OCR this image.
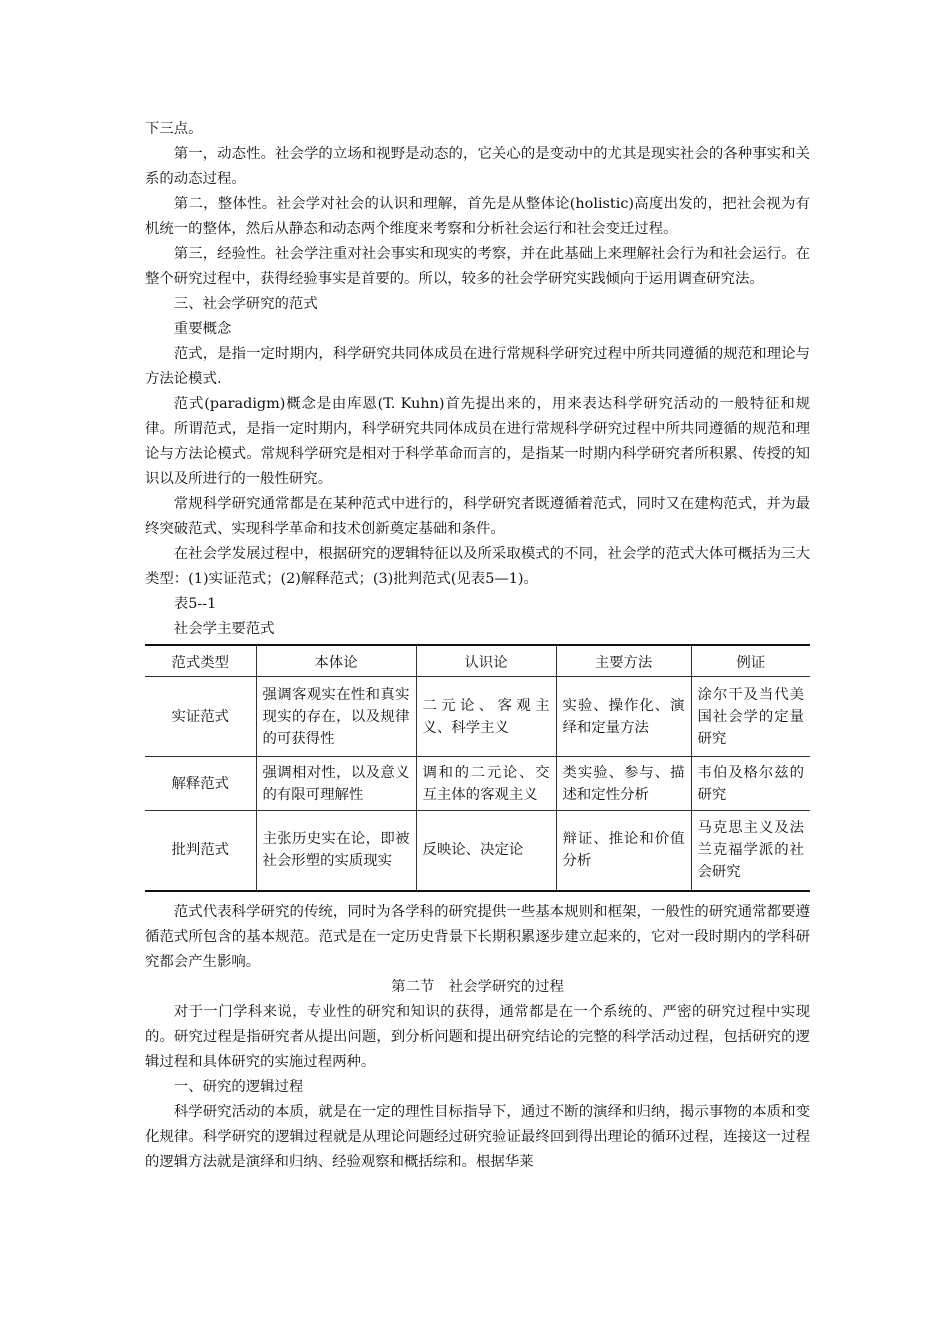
下三点。

第一，动态性。社会学的立场和视野是动态的，它关心的是变动中的尤其是现实社会的各种事实和关系的动态过程。

第二，整体性。社会学对社会的认识和理解，首先是从整体论(holistic)高度出发的，把社会视为有机统一的整体，然后从静态和动态两个维度来考察和分析社会运行和社会变迁过程。

第三，经验性。社会学注重对社会事实和现实的考察，并在此基础上来理解社会行为和社会运行。在整个研究过程中，获得经验事实是首要的。所以，较多的社会学研究实践倾向于运用调查研究法。

三、社会学研究的范式

重要概念

范式，是指一定时期内，科学研究共同体成员在进行常规科学研究过程中所共同遵循的规范和理论与方法论模式.

范式(paradigm)概念是由库恩(T. Kuhn)首先提出来的，用来表达科学研究活动的一般特征和规律。所谓范式，是指一定时期内，科学研究共同体成员在进行常规科学研究过程中所共同遵循的规范和理论与方法论模式。常规科学研究是相对于科学革命而言的，是指某一时期内科学研究者所积累、传授的知识以及所进行的一般性研究。

常规科学研究通常都是在某种范式中进行的，科学研究者既遵循着范式，同时又在建构范式，并为最终突破范式、实现科学革命和技术创新奠定基础和条件。

在社会学发展过程中，根据研究的逻辑特征以及所采取模式的不同，社会学的范式大体可概括为三大类型：(1)实证范式；(2)解释范式；(3)批判范式(见表5—1)。

表5--1

社会学主要范式

范式类型	本体论	认识论	主要方法	例证
实证范式	强调客观实在性和真实现实的存在，以及规律的可获得性	二元论、客观主义、科学主义	实验、操作化、演绎和定量方法	涂尔干及当代美国社会学的定量研究
解释范式	强调相对性，以及意义的有限可理解性	调和的二元论、交互主体的客观主义	类实验、参与、描述和定性分析	韦伯及格尔兹的研究
批判范式	主张历史实在论，即被社会形塑的实质现实	反映论、决定论	辩证、推论和价值分析	马克思主义及法兰克福学派的社会研究

范式代表科学研究的传统，同时为各学科的研究提供一些基本规则和框架，一般性的研究通常都要遵循范式所包含的基本规范。范式是在一定历史背景下长期积累逐步建立起来的，它对一段时期内的学科研究都会产生影响。

第二节　社会学研究的过程

对于一门学科来说，专业性的研究和知识的获得，通常都是在一个系统的、严密的研究过程中实现的。研究过程是指研究者从提出问题，到分析问题和提出研究结论的完整的科学活动过程，包括研究的逻辑过程和具体研究的实施过程两种。

一、研究的逻辑过程

科学研究活动的本质，就是在一定的理性目标指导下，通过不断的演绎和归纳，揭示事物的本质和变化规律。科学研究的逻辑过程就是从理论问题经过研究验证最终回到得出理论的循环过程，连接这一过程的逻辑方法就是演绎和归纳、经验观察和概括综和。根据华莱
